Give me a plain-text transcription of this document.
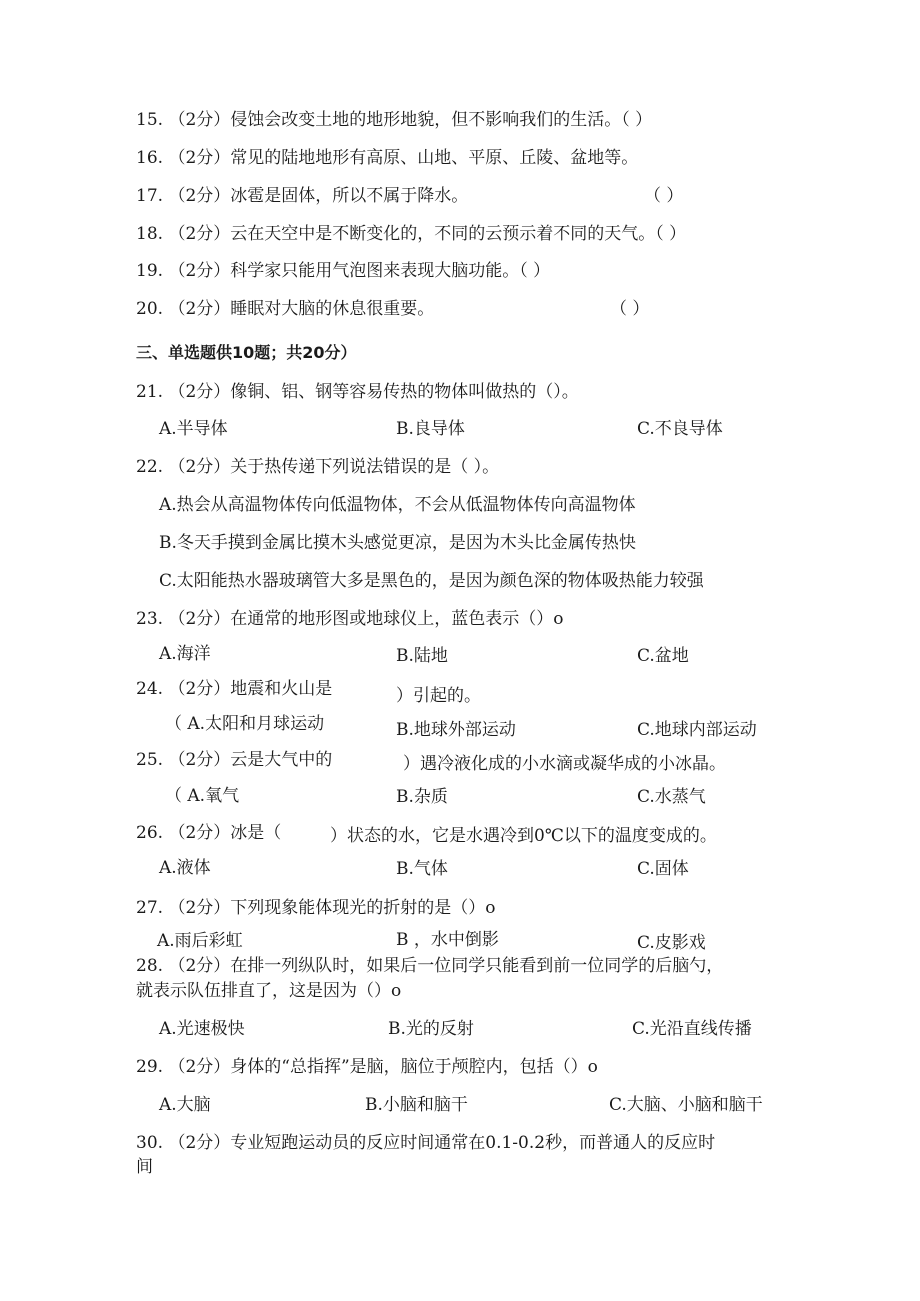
15. （2分）侵蚀会改变土地的地形地貌，但不影响我们的生活。（ ）
16. （2分）常见的陆地地形有高原、山地、平原、丘陵、盆地等。
17. （2分）冰雹是固体，所以不属于降水。	（ ）
18. （2分）云在天空中是不断变化的，不同的云预示着不同的天气。（ ）
19. （2分）科学家只能用气泡图来表现大脑功能。（ ）
20. （2分）睡眠对大脑的休息很重要。	（ ）
三、单选题供10题；共20分）
21. （2分）像铜、铝、钢等容易传热的物体叫做热的（）。
A.半导体	B.良导体	C.不良导体
22. （2分）关于热传递下列说法错误的是（ ）。
A.热会从高温物体传向低温物体，不会从低温物体传向高温物体
B.冬天手摸到金属比摸木头感觉更凉，是因为木头比金属传热快
C.太阳能热水器玻璃管大多是黑色的，是因为颜色深的物体吸热能力较强
23. （2分）在通常的地形图或地球仪上，蓝色表示（）o
A.海洋	B.陆地	C.盆地
24. （2分）地震和火山是	）引起的。
（ A.太阳和月球运动	B.地球外部运动	C.地球内部运动
25. （2分）云是大气中的	）遇冷液化成的小水滴或凝华成的小冰晶。
（ A.氧气	B.杂质	C.水蒸气
26. （2分）冰是（	）状态的水，它是水遇冷到0℃以下的温度变成的。
A.液体	B.气体	C.固体
27. （2分）下列现象能体现光的折射的是（）o
A.雨后彩虹	B ，水中倒影	C.皮影戏
28. （2分）在排一列纵队时，如果后一位同学只能看到前一位同学的后脑勺，
就表示队伍排直了，这是因为（）o
A.光速极快	B.光的反射	C.光沿直线传播
29. （2分）身体的“总指挥”是脑，脑位于颅腔内，包括（）o
A.大脑	B.小脑和脑干	C.大脑、小脑和脑干
30. （2分）专业短跑运动员的反应时间通常在0.1-0.2秒，而普通人的反应时
间
